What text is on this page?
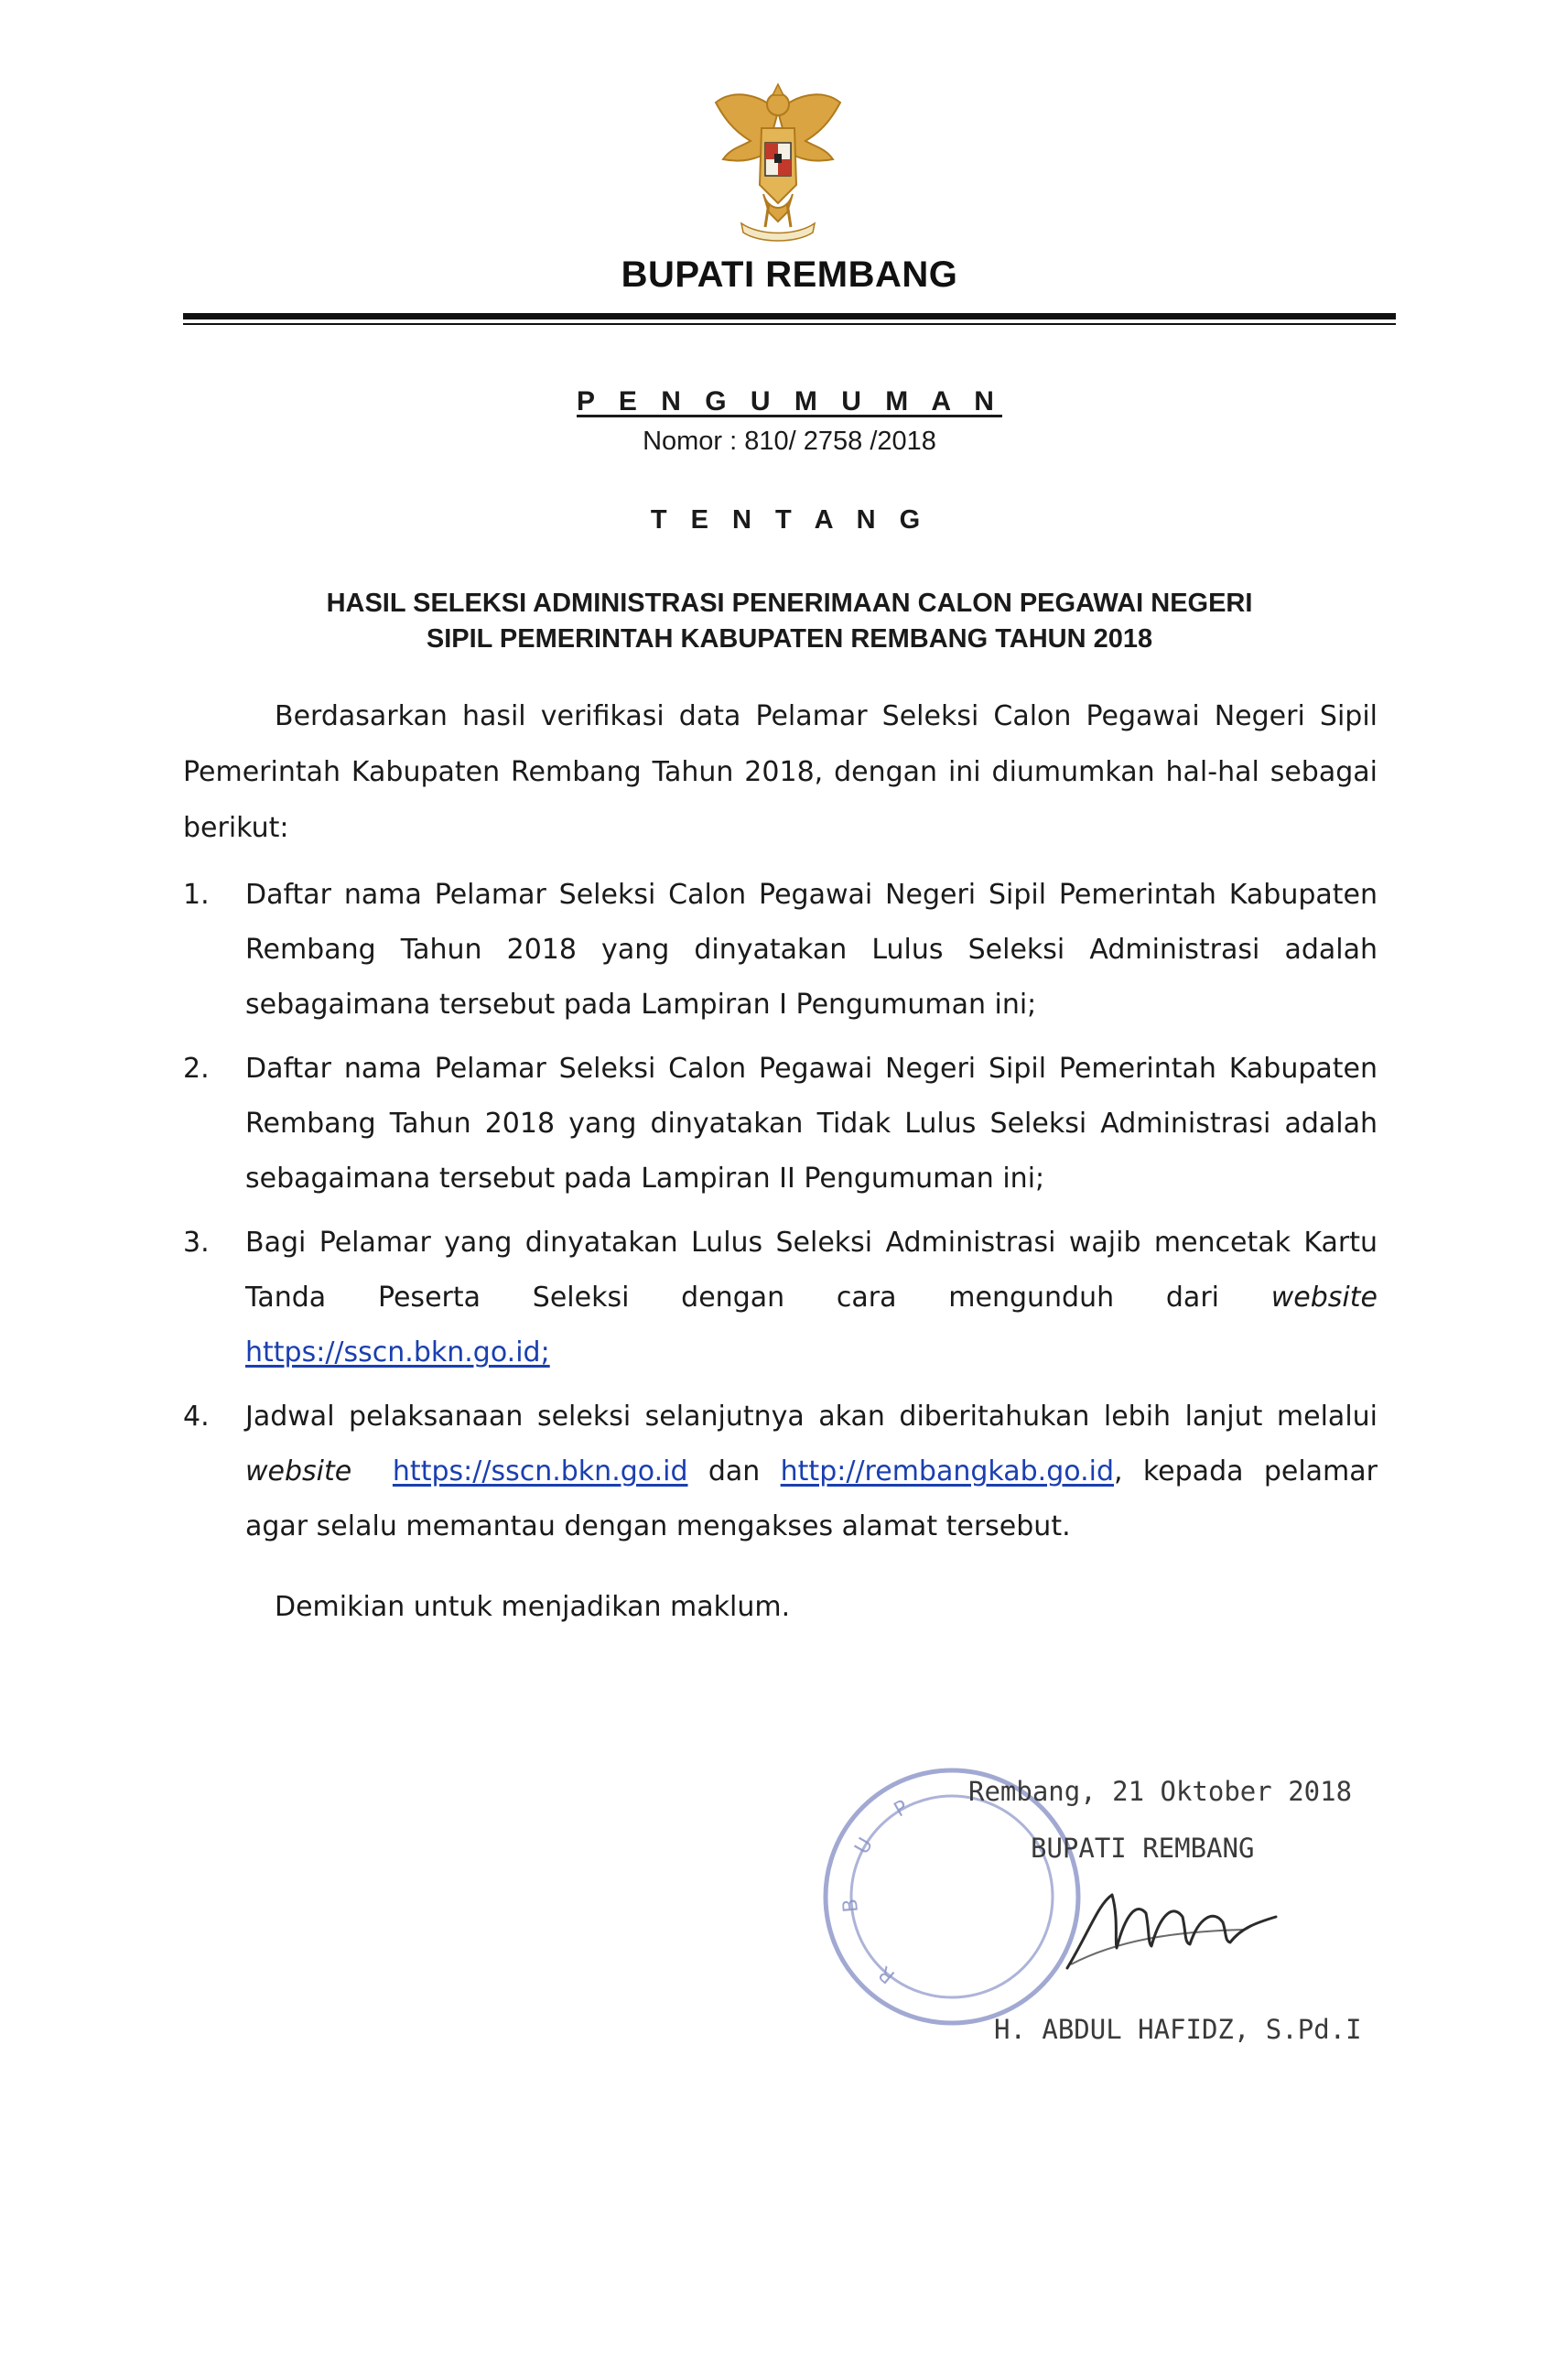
BUPATI REMBANG
P E N G U M U M A N
Nomor : 810/ 2758 /2018
T E N T A N G
HASIL SELEKSI ADMINISTRASI PENERIMAAN CALON PEGAWAI NEGERI
SIPIL PEMERINTAH KABUPATEN REMBANG TAHUN 2018
Berdasarkan hasil verifikasi data Pelamar Seleksi Calon Pegawai Negeri Sipil Pemerintah Kabupaten Rembang Tahun 2018, dengan ini diumumkan hal-hal sebagai berikut:
1. Daftar nama Pelamar Seleksi Calon Pegawai Negeri Sipil Pemerintah Kabupaten Rembang Tahun 2018 yang dinyatakan Lulus Seleksi Administrasi adalah sebagaimana tersebut pada Lampiran I Pengumuman ini;
2. Daftar nama Pelamar Seleksi Calon Pegawai Negeri Sipil Pemerintah Kabupaten Rembang Tahun 2018 yang dinyatakan Tidak Lulus Seleksi Administrasi adalah sebagaimana tersebut pada Lampiran II Pengumuman ini;
3. Bagi Pelamar yang dinyatakan Lulus Seleksi Administrasi wajib mencetak Kartu Tanda Peserta Seleksi dengan cara mengunduh dari website https://sscn.bkn.go.id;
4. Jadwal pelaksanaan seleksi selanjutnya akan diberitahukan lebih lanjut melalui website https://sscn.bkn.go.id dan http://rembangkab.go.id, kepada pelamar agar selalu memantau dengan mengakses alamat tersebut.
Demikian untuk menjadikan maklum.
P
U
B
R
Rembang, 21 Oktober 2018
BUPATI REMBANG
H. ABDUL HAFIDZ, S.Pd.I
